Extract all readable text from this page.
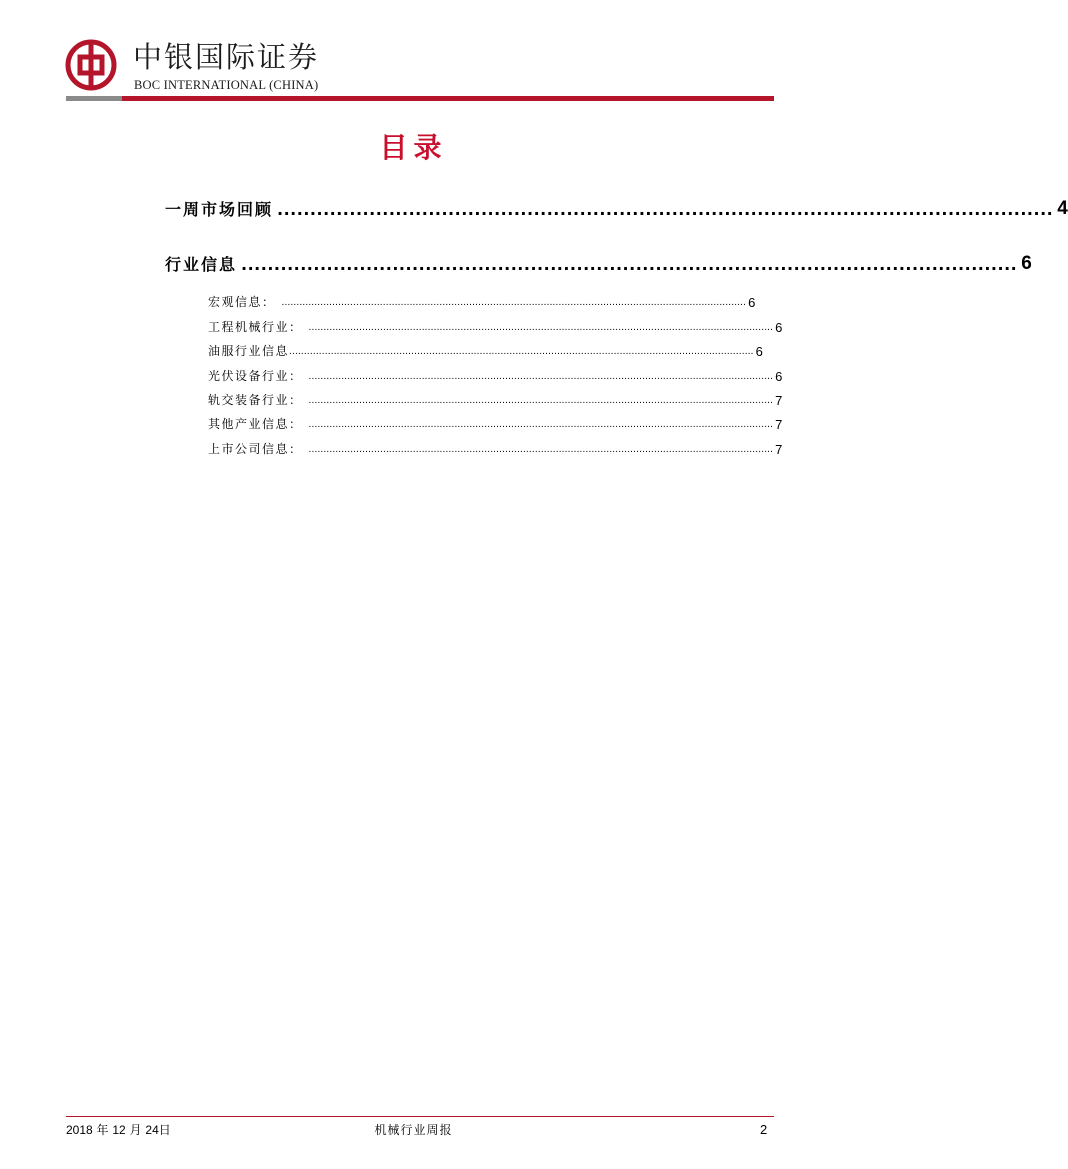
中银国际证券
BOC INTERNATIONAL (CHINA)
目录
一周市场回顾 ...................................................................................................................... 4
行业信息 ...................................................................................................................... 6
宏观信息： ............................................................................................................................................................ 6
工程机械行业： ............................................................................................................................................................ 6
油服行业信息 ............................................................................................................................................................ 6
光伏设备行业： ............................................................................................................................................................ 6
轨交装备行业： ............................................................................................................................................................ 7
其他产业信息： ............................................................................................................................................................ 7
上市公司信息： ............................................................................................................................................................ 7
2018 年 12 月 24日	机械行业周报	2
